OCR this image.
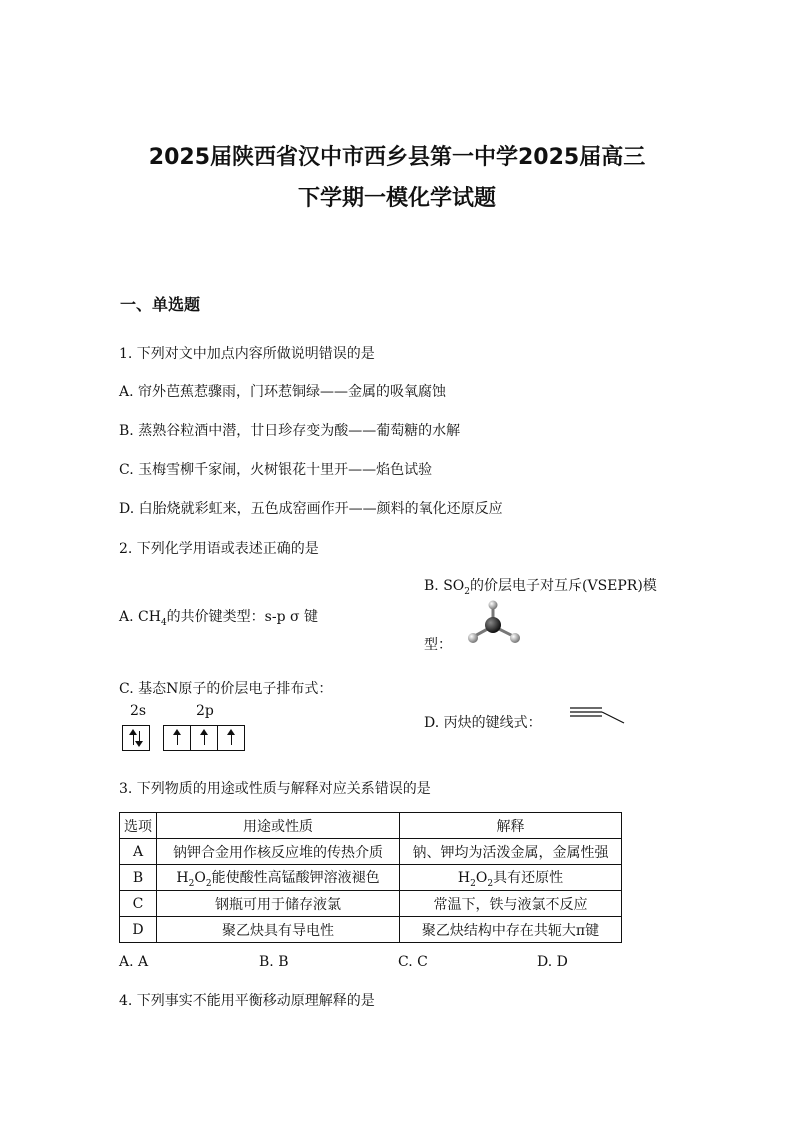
2025届陕西省汉中市西乡县第一中学2025届高三
下学期一模化学试题
一、单选题
1. 下列对文中加点内容所做说明错误的是
A. 帘外芭蕉惹骤雨，门环惹铜绿——金属的吸氧腐蚀
B. 蒸熟谷粒酒中潜，廿日珍存变为酸——葡萄糖的水解
C. 玉梅雪柳千家闹，火树银花十里开——焰色试验
D. 白胎烧就彩虹来，五色成窑画作开——颜料的氧化还原反应
2. 下列化学用语或表述正确的是
A. $CH_4$的共价键类型：s-p σ 键
B. $SO_2$的价层电子对互斥(VSEPR)模
型：
C. 基态N原子的价层电子排布式：
2s	2p
D. 丙炔的键线式：
3. 下列物质的用途或性质与解释对应关系错误的是
选项	用途或性质	解释
A	钠钾合金用作核反应堆的传热介质	钠、钾均为活泼金属，金属性强
B	$H_2O_2$能使酸性高锰酸钾溶液褪色	$H_2O_2$具有还原性
C	钢瓶可用于储存液氯	常温下，铁与液氯不反应
D	聚乙炔具有导电性	聚乙炔结构中存在共轭大π键
A. A	B. B	C. C	D. D
4. 下列事实不能用平衡移动原理解释的是
